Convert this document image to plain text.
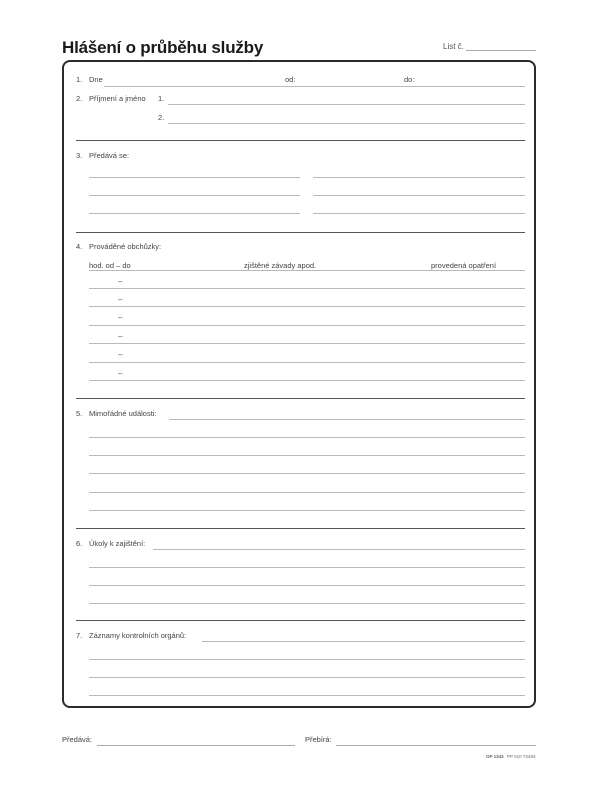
Hlášení o průběhu služby	List č.
1. Dne	od:	do:
2. Příjmení a jméno 1.
2.
3. Předává se:
4. Prováděné obchůzky:
hod. od – do	zjištěné závady apod.	provedená opatření
–
–
–
–
–
–
5. Mimořádné události:
6. Úkoly k zajištění:
7. Záznamy kontrolních orgánů:
Předává:	Přebírá:
OP 1343 PP 010 73483
